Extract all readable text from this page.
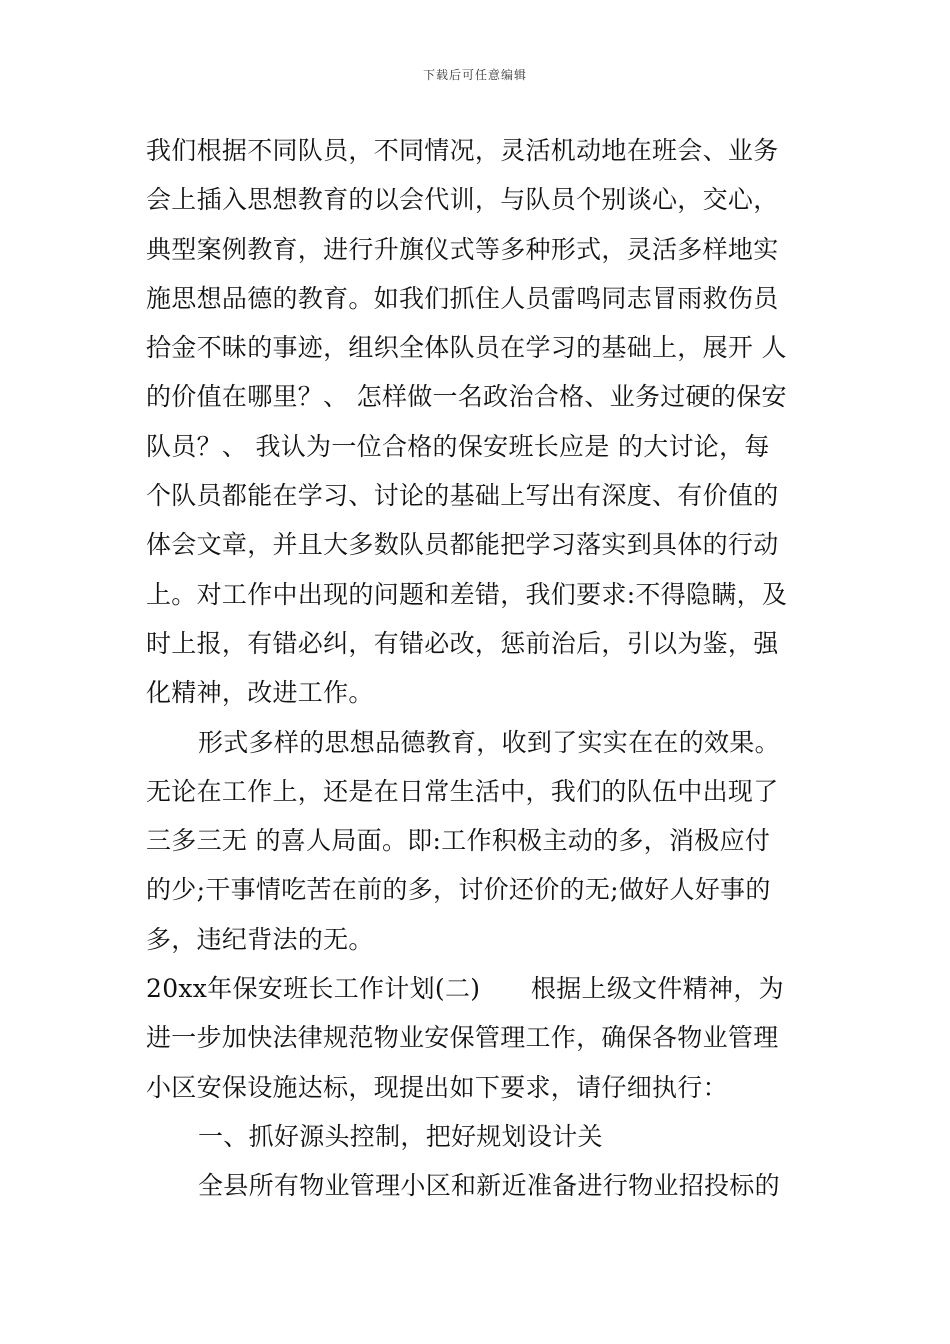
下载后可任意编辑
我们根据不同队员，不同情况，灵活机动地在班会、业务
会上插入思想教育的以会代训，与队员个别谈心，交心，
典型案例教育，进行升旗仪式等多种形式，灵活多样地实
施思想品德的教育。如我们抓住人员雷鸣同志冒雨救伤员
拾金不昧的事迹，组织全体队员在学习的基础上，展开 人
的价值在哪里？、 怎样做一名政治合格、业务过硬的保安
队员？、 我认为一位合格的保安班长应是 的大讨论，每
个队员都能在学习、讨论的基础上写出有深度、有价值的
体会文章，并且大多数队员都能把学习落实到具体的行动
上。对工作中出现的问题和差错，我们要求:不得隐瞒，及
时上报，有错必纠，有错必改，惩前治后，引以为鉴，强
化精神，改进工作。
形式多样的思想品德教育，收到了实实在在的效果。
无论在工作上，还是在日常生活中，我们的队伍中出现了
三多三无 的喜人局面。即:工作积极主动的多，消极应付
的少;干事情吃苦在前的多，讨价还价的无;做好人好事的
多，违纪背法的无。
20xx年保安班长工作计划(二)　　根据上级文件精神，为
进一步加快法律规范物业安保管理工作，确保各物业管理
小区安保设施达标，现提出如下要求，请仔细执行：
一、抓好源头控制，把好规划设计关
全县所有物业管理小区和新近准备进行物业招投标的
